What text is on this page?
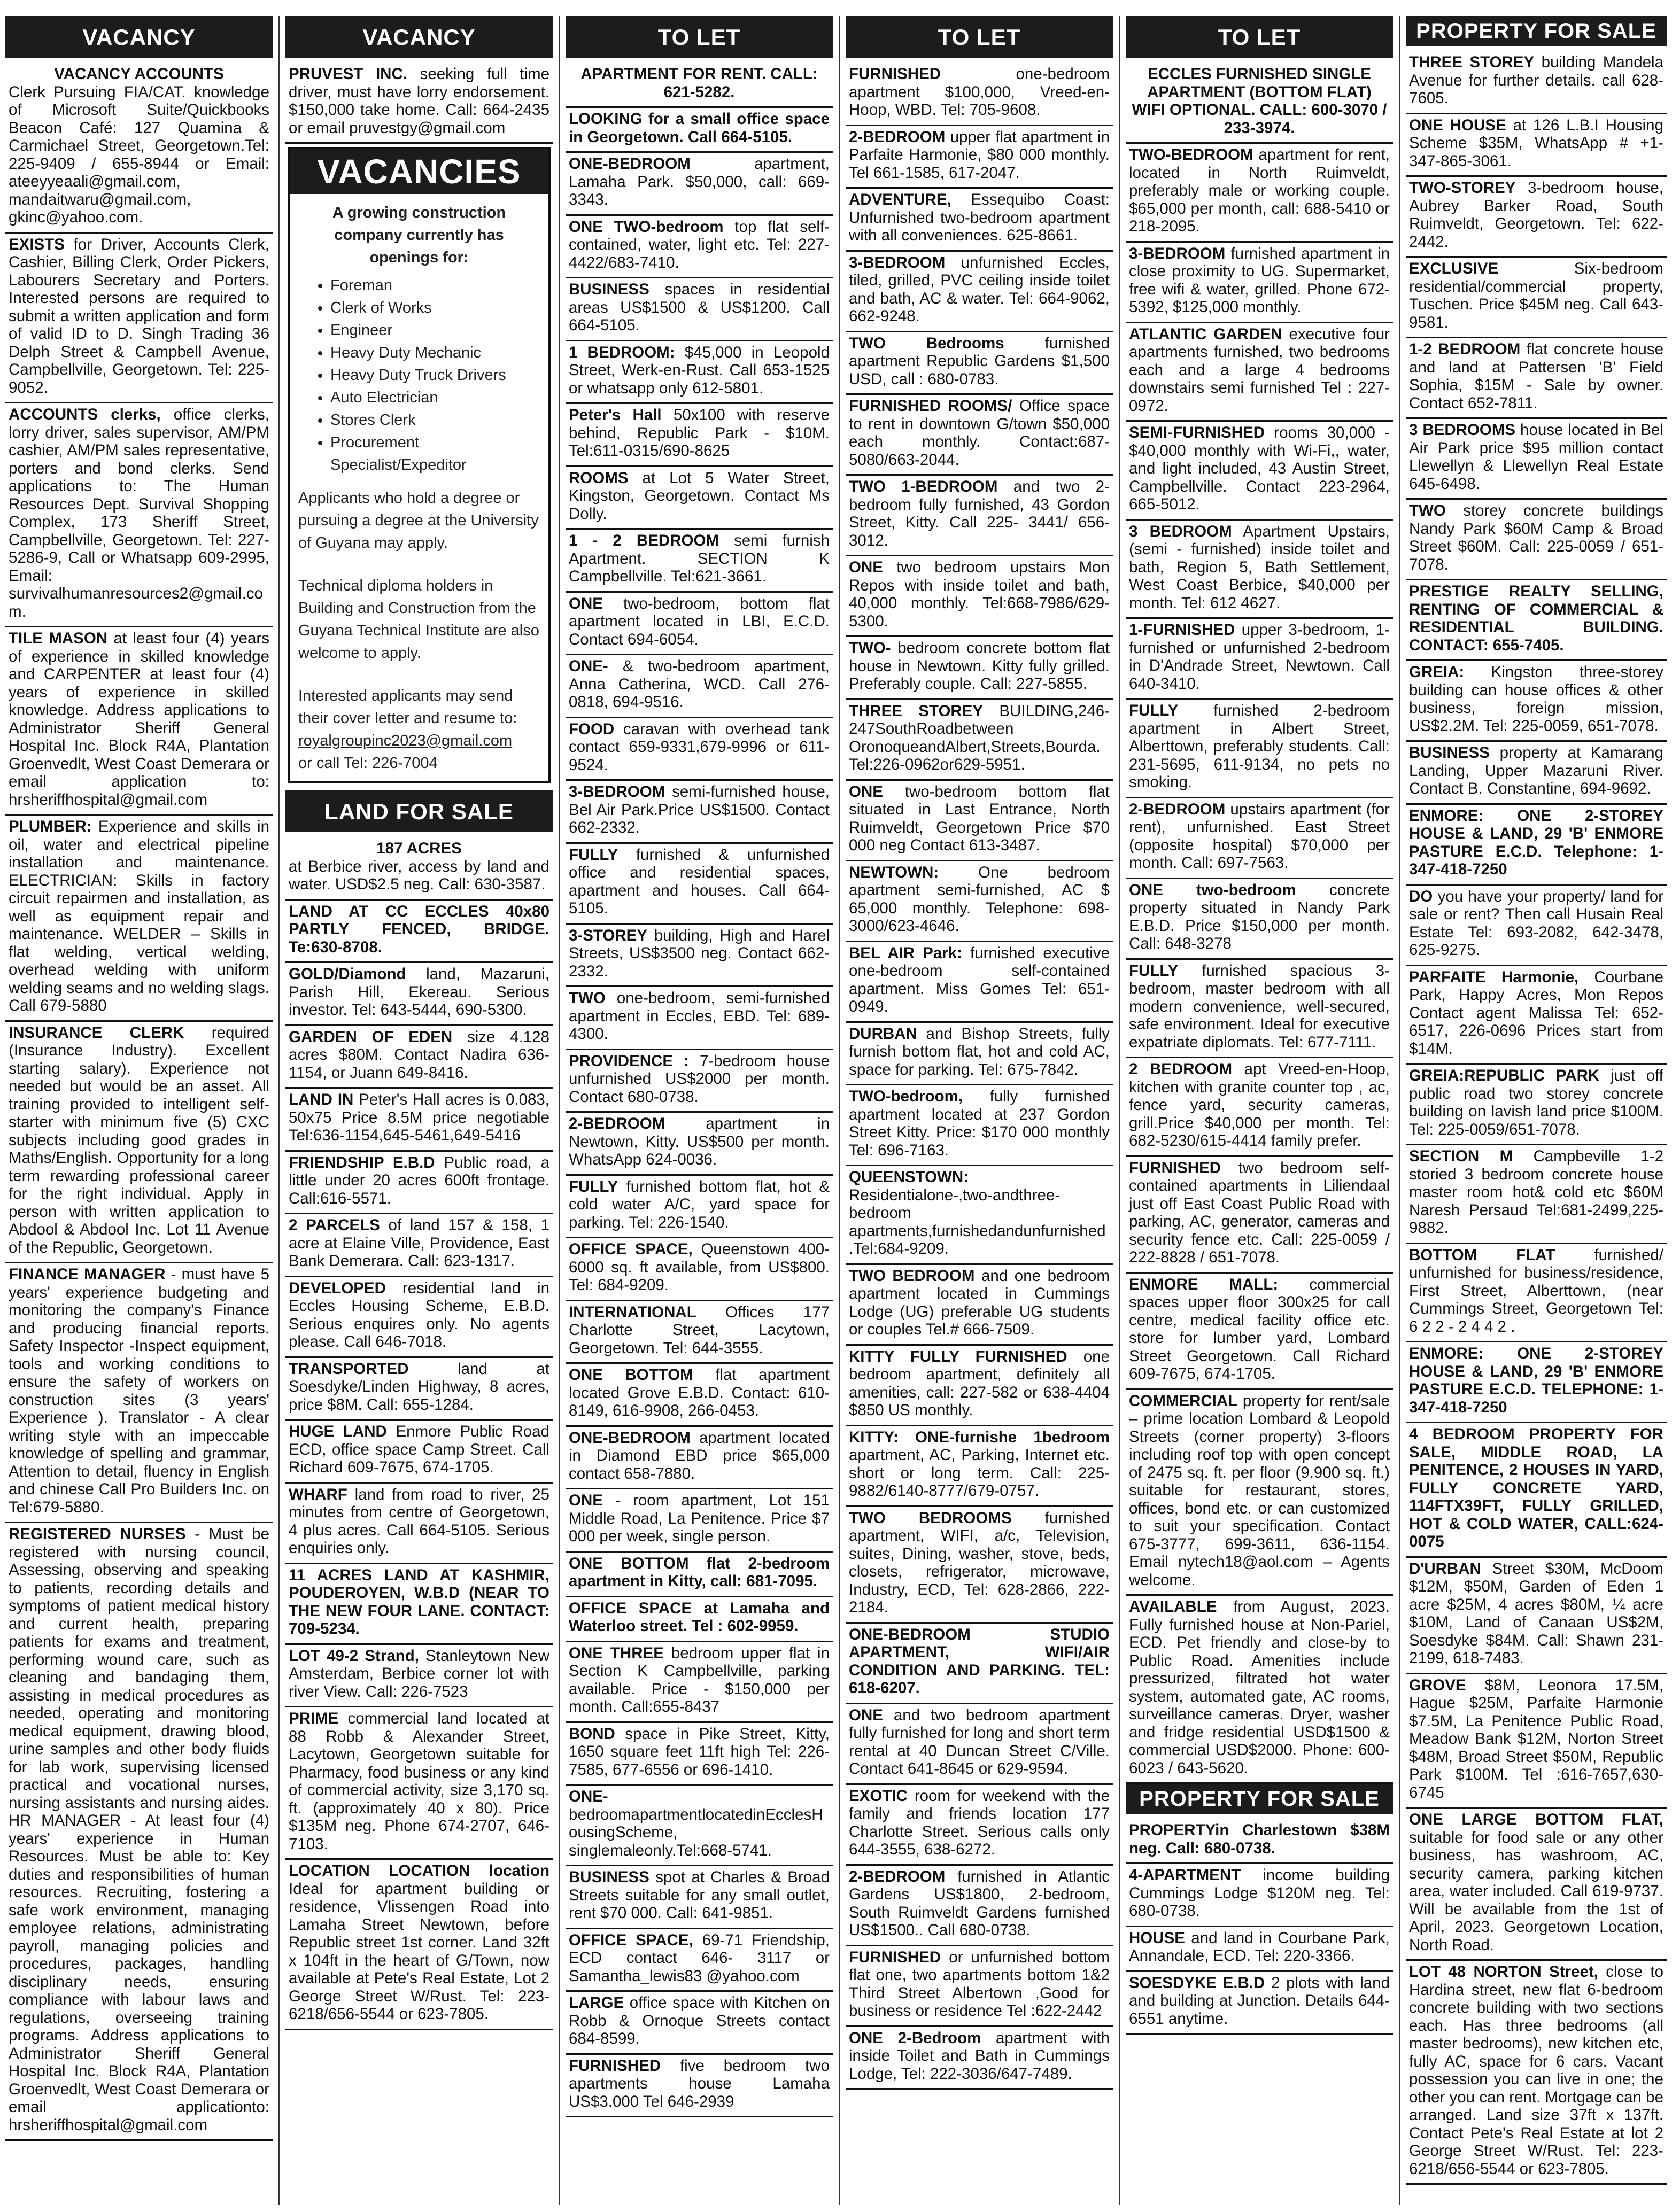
VACANCY
VACANCY ACCOUNTS
Clerk Pursuing FIA/CAT. knowledge of Microsoft Suite/Quickbooks Beacon Café: 127 Quamina & Carmichael Street, Georgetown.Tel: 225-9409 / 655-8944 or Email: ateeyyeaali@gmail.com, mandaitwaru@gmail.com, gkinc@yahoo.com.
EXISTS for Driver, Accounts Clerk, Cashier, Billing Clerk, Order Pickers, Labourers Secretary and Porters. Interested persons are required to submit a written application and form of valid ID to D. Singh Trading 36 Delph Street & Campbell Avenue, Campbellville, Georgetown. Tel: 225-9052.
ACCOUNTS clerks, office clerks, lorry driver, sales supervisor, AM/PM cashier, AM/PM sales representative, porters and bond clerks. Send applications to: The Human Resources Dept. Survival Shopping Complex, 173 Sheriff Street, Campbellville, Georgetown. Tel: 227-5286-9, Call or Whatsapp 609-2995, Email: survivalhumanresources2@gmail.com.
TILE MASON at least four (4) years of experience in skilled knowledge and CARPENTER at least four (4) years of experience in skilled knowledge. Address applications to Administrator Sheriff General Hospital Inc. Block R4A, Plantation Groenvedlt, West Coast Demerara or email application to: hrsheriffhospital@gmail.com
PLUMBER: Experience and skills in oil, water and electrical pipeline installation and maintenance. ELECTRICIAN: Skills in factory circuit repairmen and installation, as well as equipment repair and maintenance. WELDER – Skills in flat welding, vertical welding, overhead welding with uniform welding seams and no welding slags. Call 679-5880
INSURANCE CLERK required (Insurance Industry). Excellent starting salary). Experience not needed but would be an asset. All training provided to intelligent self-starter with minimum five (5) CXC subjects including good grades in Maths/English. Opportunity for a long term rewarding professional career for the right individual. Apply in person with written application to Abdool & Abdool Inc. Lot 11 Avenue of the Republic, Georgetown.
FINANCE MANAGER - must have 5 years' experience budgeting and monitoring the company's Finance and producing financial reports. Safety Inspector -Inspect equipment, tools and working conditions to ensure the safety of workers on construction sites (3 years' Experience ). Translator - A clear writing style with an impeccable knowledge of spelling and grammar, Attention to detail, fluency in English and chinese Call Pro Builders Inc. on Tel:679-5880.
REGISTERED NURSES - Must be registered with nursing council, Assessing, observing and speaking to patients, recording details and symptoms of patient medical history and current health, preparing patients for exams and treatment, performing wound care, such as cleaning and bandaging them, assisting in medical procedures as needed, operating and monitoring medical equipment, drawing blood, urine samples and other body fluids for lab work, supervising licensed practical and vocational nurses, nursing assistants and nursing aides. HR MANAGER - At least four (4) years' experience in Human Resources. Must be able to: Key duties and responsibilities of human resources. Recruiting, fostering a safe work environment, managing employee relations, administrating payroll, managing policies and procedures, packages, handling disciplinary needs, ensuring compliance with labour laws and regulations, overseeing training programs. Address applications to Administrator Sheriff General Hospital Inc. Block R4A, Plantation Groenvedlt, West Coast Demerara or email applicationto: hrsheriffhospital@gmail.com
VACANCY
PRUVEST INC. seeking full time driver, must have lorry endorsement. $150,000 take home. Call: 664-2435 or email pruvestgy@gmail.com
VACANCIES
A growing construction company currently has openings for:
• Foreman
• Clerk of Works
• Engineer
• Heavy Duty Mechanic
• Heavy Duty Truck Drivers
• Auto Electrician
• Stores Clerk
• Procurement Specialist/Expeditor

Applicants who hold a degree or pursuing a degree at the University of Guyana may apply.

Technical diploma holders in Building and Construction from the Guyana Technical Institute are also welcome to apply.

Interested applicants may send their cover letter and resume to:

royalgroupinc2023@gmail.com
or call Tel: 226-7004
LAND FOR SALE
187 ACRES
at Berbice river, access by land and water. USD$2.5 neg. Call: 630-3587.
LAND AT CC ECCLES 40x80 PARTLY FENCED, BRIDGE. Te:630-8708.
GOLD/Diamond land, Mazaruni, Parish Hill, Ekereau. Serious investor. Tel: 643-5444, 690-5300.
GARDEN OF EDEN size 4.128 acres $80M. Contact Nadira 636-1154, or Juann 649-8416.
LAND IN Peter's Hall acres is 0.083, 50x75 Price 8.5M price negotiable Tel:636-1154,645-5461,649-5416
FRIENDSHIP E.B.D Public road, a little under 20 acres 600ft frontage. Call:616-5571.
2 PARCELS of land 157 & 158, 1 acre at Elaine Ville, Providence, East Bank Demerara. Call: 623-1317.
DEVELOPED residential land in Eccles Housing Scheme, E.B.D. Serious enquires only. No agents please. Call 646-7018.
TRANSPORTED	land at Soesdyke/Linden Highway, 8 acres, price $8M. Call: 655-1284.
HUGE LAND Enmore Public Road ECD, office space Camp Street. Call Richard 609-7675, 674-1705.
WHARF land from road to river, 25 minutes from centre of Georgetown, 4 plus acres. Call 664-5105. Serious enquiries only.
11 ACRES LAND AT KASHMIR, POUDEROYEN, W.B.D (NEAR TO THE NEW FOUR LANE. CONTACT: 709-5234.
LOT 49-2 Strand, Stanleytown New Amsterdam, Berbice corner lot with river View. Call: 226-7523
PRIME commercial land located at 88 Robb & Alexander Street, Lacytown, Georgetown suitable for Pharmacy, food business or any kind of commercial activity, size 3,170 sq. ft. (approximately 40 x 80). Price $135M neg. Phone 674-2707, 646-7103.
LOCATION LOCATION location Ideal for apartment building or residence, Vlissengen Road into Lamaha Street Newtown, before Republic street 1st corner. Land 32ft x 104ft in the heart of G/Town, now available at Pete's Real Estate, Lot 2 George Street W/Rust. Tel: 223-6218/656-5544 or 623-7805.
TO LET
APARTMENT FOR RENT. CALL: 621-5282.
LOOKING for a small office space in Georgetown. Call 664-5105.
ONE-BEDROOM	apartment, Lamaha Park. $50,000, call: 669-3343.
ONE TWO-bedroom top flat self-contained, water, light etc. Tel: 227-4422/683-7410.
BUSINESS spaces in residential areas US$1500 & US$1200. Call 664-5105.
1 BEDROOM: $45,000 in Leopold Street, Werk-en-Rust. Call 653-1525 or whatsapp only 612-5801.
Peter's Hall 50x100 with reserve behind, Republic Park - $10M. Tel:611-0315/690-8625
ROOMS at Lot 5 Water Street, Kingston, Georgetown. Contact Ms Dolly.
1 - 2 BEDROOM semi furnish Apartment. SECTION K Campbellville. Tel:621-3661.
ONE two-bedroom, bottom flat apartment located in LBI, E.C.D. Contact 694-6054.
ONE- & two-bedroom apartment, Anna Catherina, WCD. Call 276-0818, 694-9516.
FOOD caravan with overhead tank contact 659-9331,679-9996 or 611-9524.
3-BEDROOM semi-furnished house, Bel Air Park.Price US$1500. Contact 662-2332.
FULLY furnished & unfurnished office and residential spaces, apartment and houses. Call 664-5105.
3-STOREY building, High and Harel Streets, US$3500 neg. Contact 662-2332.
TWO one-bedroom, semi-furnished apartment in Eccles, EBD. Tel: 689-4300.
PROVIDENCE : 7-bedroom house unfurnished US$2000 per month. Contact 680-0738.
2-BEDROOM	apartment in Newtown, Kitty. US$500 per month. WhatsApp 624-0036.
FULLY furnished bottom flat, hot & cold water A/C, yard space for parking. Tel: 226-1540.
OFFICE SPACE, Queenstown 400-6000 sq. ft available, from US$800. Tel: 684-9209.
INTERNATIONAL Offices 177 Charlotte Street, Lacytown, Georgetown. Tel: 644-3555.
ONE BOTTOM flat apartment located Grove E.B.D. Contact: 610-8149, 616-9908, 266-0453.
ONE-BEDROOM apartment located in Diamond EBD price $65,000 contact 658-7880.
ONE - room apartment, Lot 151 Middle Road, La Penitence. Price $7 000 per week, single person.
ONE BOTTOM flat 2-bedroom apartment in Kitty, call: 681-7095.
OFFICE SPACE at Lamaha and Waterloo street. Tel : 602-9959.
ONE THREE bedroom upper flat in Section K Campbellville, parking available. Price - $150,000 per month. Call:655-8437
BOND space in Pike Street, Kitty, 1650 square feet 11ft high Tel: 226-7585, 677-6556 or 696-1410.
ONE- bedroomapartmentlocatedinEcclesHousingScheme, singlemaleonly.Tel:668-5741.
BUSINESS spot at Charles & Broad Streets suitable for any small outlet, rent $70 000. Call: 641-9851.
OFFICE SPACE, 69-71 Friendship, ECD contact 646- 3117 or Samantha_lewis83 @yahoo.com
LARGE office space with Kitchen on Robb & Ornoque Streets contact 684-8599.
FURNISHED five bedroom two apartments house Lamaha US$3.000 Tel 646-2939
TO LET
FURNISHED	one-bedroom apartment $100,000, Vreed-en-Hoop, WBD. Tel: 705-9608.
2-BEDROOM upper flat apartment in Parfaite Harmonie, $80 000 monthly. Tel 661-1585, 617-2047.
ADVENTURE, Essequibo Coast: Unfurnished two-bedroom apartment with all conveniences. 625-8661.
3-BEDROOM unfurnished Eccles, tiled, grilled, PVC ceiling inside toilet and bath, AC & water. Tel: 664-9062, 662-9248.
TWO Bedrooms	furnished apartment Republic Gardens $1,500 USD, call : 680-0783.
FURNISHED ROOMS/ Office space to rent in downtown G/town $50,000 each monthly. Contact:687-5080/663-2044.
TWO 1-BEDROOM and two 2-bedroom fully furnished, 43 Gordon Street, Kitty. Call 225- 3441/ 656-3012.
ONE two bedroom upstairs Mon Repos with inside toilet and bath, 40,000 monthly. Tel:668-7986/629-5300.
TWO- bedroom concrete bottom flat house in Newtown. Kitty fully grilled. Preferably couple. Call: 227-5855.
THREE STOREY BUILDING,246-247SouthRoadbetween OronoqueandAlbert,Streets,Bourda. Tel:226-0962or629-5951.
ONE two-bedroom bottom flat situated in Last Entrance, North Ruimveldt, Georgetown Price $70 000 neg Contact 613-3487.
NEWTOWN:	One bedroom apartment semi-furnished, AC $ 65,000 monthly. Telephone: 698-3000/623-4646.
BEL AIR Park: furnished executive one-bedroom self-contained apartment. Miss Gomes Tel: 651-0949.
DURBAN and Bishop Streets, fully furnish bottom flat, hot and cold AC, space for parking. Tel: 675-7842.
TWO-bedroom, fully furnished apartment located at 237 Gordon Street Kitty. Price: $170 000 monthly Tel: 696-7163.
QUEENSTOWN: Residentialone-,two-andthree-bedroom apartments,furnishedandunfurnished.Tel:684-9209.
TWO BEDROOM and one bedroom apartment located in Cummings Lodge (UG) preferable UG students or couples Tel.# 666-7509.
KITTY FULLY FURNISHED one bedroom apartment, definitely all amenities, call: 227-582 or 638-4404 $850 US monthly.
KITTY: ONE-furnishe 1bedroom apartment, AC, Parking, Internet etc. short or long term. Call: 225-9882/6140-8777/679-0757.
TWO BEDROOMS furnished apartment, WIFI, a/c, Television, suites, Dining, washer, stove, beds, closets, refrigerator, microwave, Industry, ECD, Tel: 628-2866, 222-2184.
ONE-BEDROOM STUDIO APARTMENT, WIFI/AIR CONDITION AND PARKING. TEL: 618-6207.
ONE and two bedroom apartment fully furnished for long and short term rental at 40 Duncan Street C/Ville. Contact 641-8645 or 629-9594.
EXOTIC room for weekend with the family and friends location 177 Charlotte Street. Serious calls only 644-3555, 638-6272.
2-BEDROOM furnished in Atlantic Gardens US$1800, 2-bedroom, South Ruimveldt Gardens furnished US$1500.. Call 680-0738.
FURNISHED or unfurnished bottom flat one, two apartments bottom 1&2 Third Street Albertown ,Good for business or residence Tel :622-2442
ONE 2-Bedroom apartment with inside Toilet and Bath in Cummings Lodge, Tel: 222-3036/647-7489.
TO LET
ECCLES FURNISHED SINGLE APARTMENT (BOTTOM FLAT) WIFI OPTIONAL. CALL: 600-3070 / 233-3974.
TWO-BEDROOM apartment for rent, located in North Ruimveldt, preferably male or working couple. $65,000 per month, call: 688-5410 or 218-2095.
3-BEDROOM furnished apartment in close proximity to UG. Supermarket, free wifi & water, grilled. Phone 672-5392, $125,000 monthly.
ATLANTIC GARDEN executive four apartments furnished, two bedrooms each and a large 4 bedrooms downstairs semi furnished Tel : 227-0972.
SEMI-FURNISHED rooms 30,000 - $40,000 monthly with Wi-Fi,, water, and light included, 43 Austin Street, Campbellville. Contact 223-2964, 665-5012.
3 BEDROOM Apartment Upstairs, (semi - furnished) inside toilet and bath, Region 5, Bath Settlement, West Coast Berbice, $40,000 per month. Tel: 612 4627.
1-FURNISHED upper 3-bedroom, 1-furnished or unfurnished 2-bedroom in D'Andrade Street, Newtown. Call 640-3410.
FULLY furnished 2-bedroom apartment in Albert Street, Alberttown, preferably students. Call: 231-5695, 611-9134, no pets no smoking.
2-BEDROOM upstairs apartment (for rent), unfurnished. East Street (opposite hospital) $70,000 per month. Call: 697-7563.
ONE two-bedroom concrete property situated in Nandy Park E.B.D. Price $150,000 per month. Call: 648-3278
FULLY furnished spacious 3-bedroom, master bedroom with all modern convenience, well-secured, safe environment. Ideal for executive expatriate diplomats. Tel: 677-7111.
2 BEDROOM apt Vreed-en-Hoop, kitchen with granite counter top , ac, fence yard, security cameras, grill.Price $40,000 per month. Tel: 682-5230/615-4414 family prefer.
FURNISHED two bedroom self-contained apartments in Liliendaal just off East Coast Public Road with parking, AC, generator, cameras and security fence etc. Call: 225-0059 / 222-8828 / 651-7078.
ENMORE MALL: commercial spaces upper floor 300x25 for call centre, medical facility office etc. store for lumber yard, Lombard Street Georgetown. Call Richard 609-7675, 674-1705.
COMMERCIAL property for rent/sale – prime location Lombard & Leopold Streets (corner property) 3-floors including roof top with open concept of 2475 sq. ft. per floor (9.900 sq. ft.) suitable for restaurant, stores, offices, bond etc. or can customized to suit your specification. Contact 675-3777, 699-3611, 636-1154. Email nytech18@aol.com – Agents welcome.
AVAILABLE from August, 2023. Fully furnished house at Non-Pariel, ECD. Pet friendly and close-by to Public Road. Amenities include pressurized, filtrated hot water system, automated gate, AC rooms, surveillance cameras. Dryer, washer and fridge residential USD$1500 & commercial USD$2000. Phone: 600-6023 / 643-5620.
PROPERTY FOR SALE
PROPERTYin Charlestown $38M neg. Call: 680-0738.
4-APARTMENT income building Cummings Lodge $120M neg. Tel: 680-0738.
HOUSE and land in Courbane Park, Annandale, ECD. Tel: 220-3366.
SOESDYKE E.B.D 2 plots with land and building at Junction. Details 644-6551 anytime.
PROPERTY FOR SALE
THREE STOREY building Mandela Avenue for further details. call 628-7605.
ONE HOUSE at 126 L.B.I Housing Scheme $35M, WhatsApp # +1-347-865-3061.
TWO-STOREY 3-bedroom house, Aubrey Barker Road, South Ruimveldt, Georgetown. Tel: 622-2442.
EXCLUSIVE	Six-bedroom residential/commercial property, Tuschen. Price $45M neg. Call 643-9581.
1-2 BEDROOM flat concrete house and land at Pattersen 'B' Field Sophia, $15M - Sale by owner. Contact 652-7811.
3 BEDROOMS house located in Bel Air Park price $95 million contact Llewellyn & Llewellyn Real Estate 645-6498.
TWO storey concrete buildings Nandy Park $60M Camp & Broad Street $60M. Call: 225-0059 / 651-7078.
PRESTIGE REALTY SELLING, RENTING OF COMMERCIAL & RESIDENTIAL BUILDING. CONTACT: 655-7405.
GREIA: Kingston three-storey building can house offices & other business, foreign mission, US$2.2M. Tel: 225-0059, 651-7078.
BUSINESS property at Kamarang Landing, Upper Mazaruni River. Contact B. Constantine, 694-9692.
ENMORE: ONE 2-STOREY HOUSE & LAND, 29 'B' ENMORE PASTURE E.C.D. Telephone: 1-347-418-7250
DO you have your property/ land for sale or rent? Then call Husain Real Estate Tel: 693-2082, 642-3478, 625-9275.
PARFAITE Harmonie, Courbane Park, Happy Acres, Mon Repos Contact agent Malissa Tel: 652-6517, 226-0696 Prices start from $14M.
GREIA:REPUBLIC PARK just off public road two storey concrete building on lavish land price $100M. Tel: 225-0059/651-7078.
SECTION M Campbeville 1-2 storied 3 bedroom concrete house master room hot& cold etc $60M Naresh Persaud Tel:681-2499,225-9882.
BOTTOM FLAT furnished/ unfurnished for business/residence, First Street, Alberttown, (near Cummings Street, Georgetown Tel: 6 2 2 - 2 4 4 2 .
ENMORE: ONE 2-STOREY HOUSE & LAND, 29 'B' ENMORE PASTURE E.C.D. TELEPHONE: 1-347-418-7250
4 BEDROOM PROPERTY FOR SALE, MIDDLE ROAD, LA PENITENCE, 2 HOUSES IN YARD, FULLY CONCRETE YARD, 114FTX39FT, FULLY GRILLED, HOT & COLD WATER, CALL:624-0075
D'URBAN Street $30M, McDoom $12M, $50M, Garden of Eden 1 acre $25M, 4 acres $80M, ¼ acre $10M, Land of Canaan US$2M, Soesdyke $84M. Call: Shawn 231-2199, 618-7483.
GROVE $8M, Leonora 17.5M, Hague $25M, Parfaite Harmonie $7.5M, La Penitence Public Road, Meadow Bank $12M, Norton Street $48M, Broad Street $50M, Republic Park $100M. Tel :616-7657,630-6745
ONE LARGE BOTTOM FLAT, suitable for food sale or any other business, has washroom, AC, security camera, parking kitchen area, water included. Call 619-9737. Will be available from the 1st of April, 2023. Georgetown Location, North Road.
LOT 48 NORTON Street, close to Hardina street, new flat 6-bedroom concrete building with two sections each. Has three bedrooms (all master bedrooms), new kitchen etc, fully AC, space for 6 cars. Vacant possession you can live in one; the other you can rent. Mortgage can be arranged. Land size 37ft x 137ft. Contact Pete's Real Estate at lot 2 George Street W/Rust. Tel: 223-6218/656-5544 or 623-7805.
